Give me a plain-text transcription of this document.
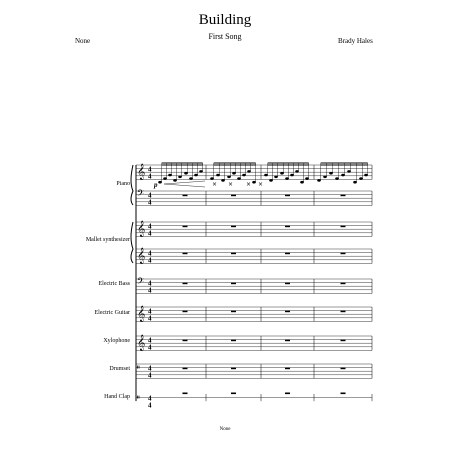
Building
First Song
None	Brady Hales
Piano
Mallet synthesizer
Electric Bass
Electric Guitar
Xylophone
Drumset
Hand Clap
𝄞 4
4
𝄢 4
4
𝄞 4
4
𝄞 4
4
𝄢 4
4
𝄞 4
4
𝄞 4
4
𝄥 4
4
𝄥 4
4
× × × ×
p
None
